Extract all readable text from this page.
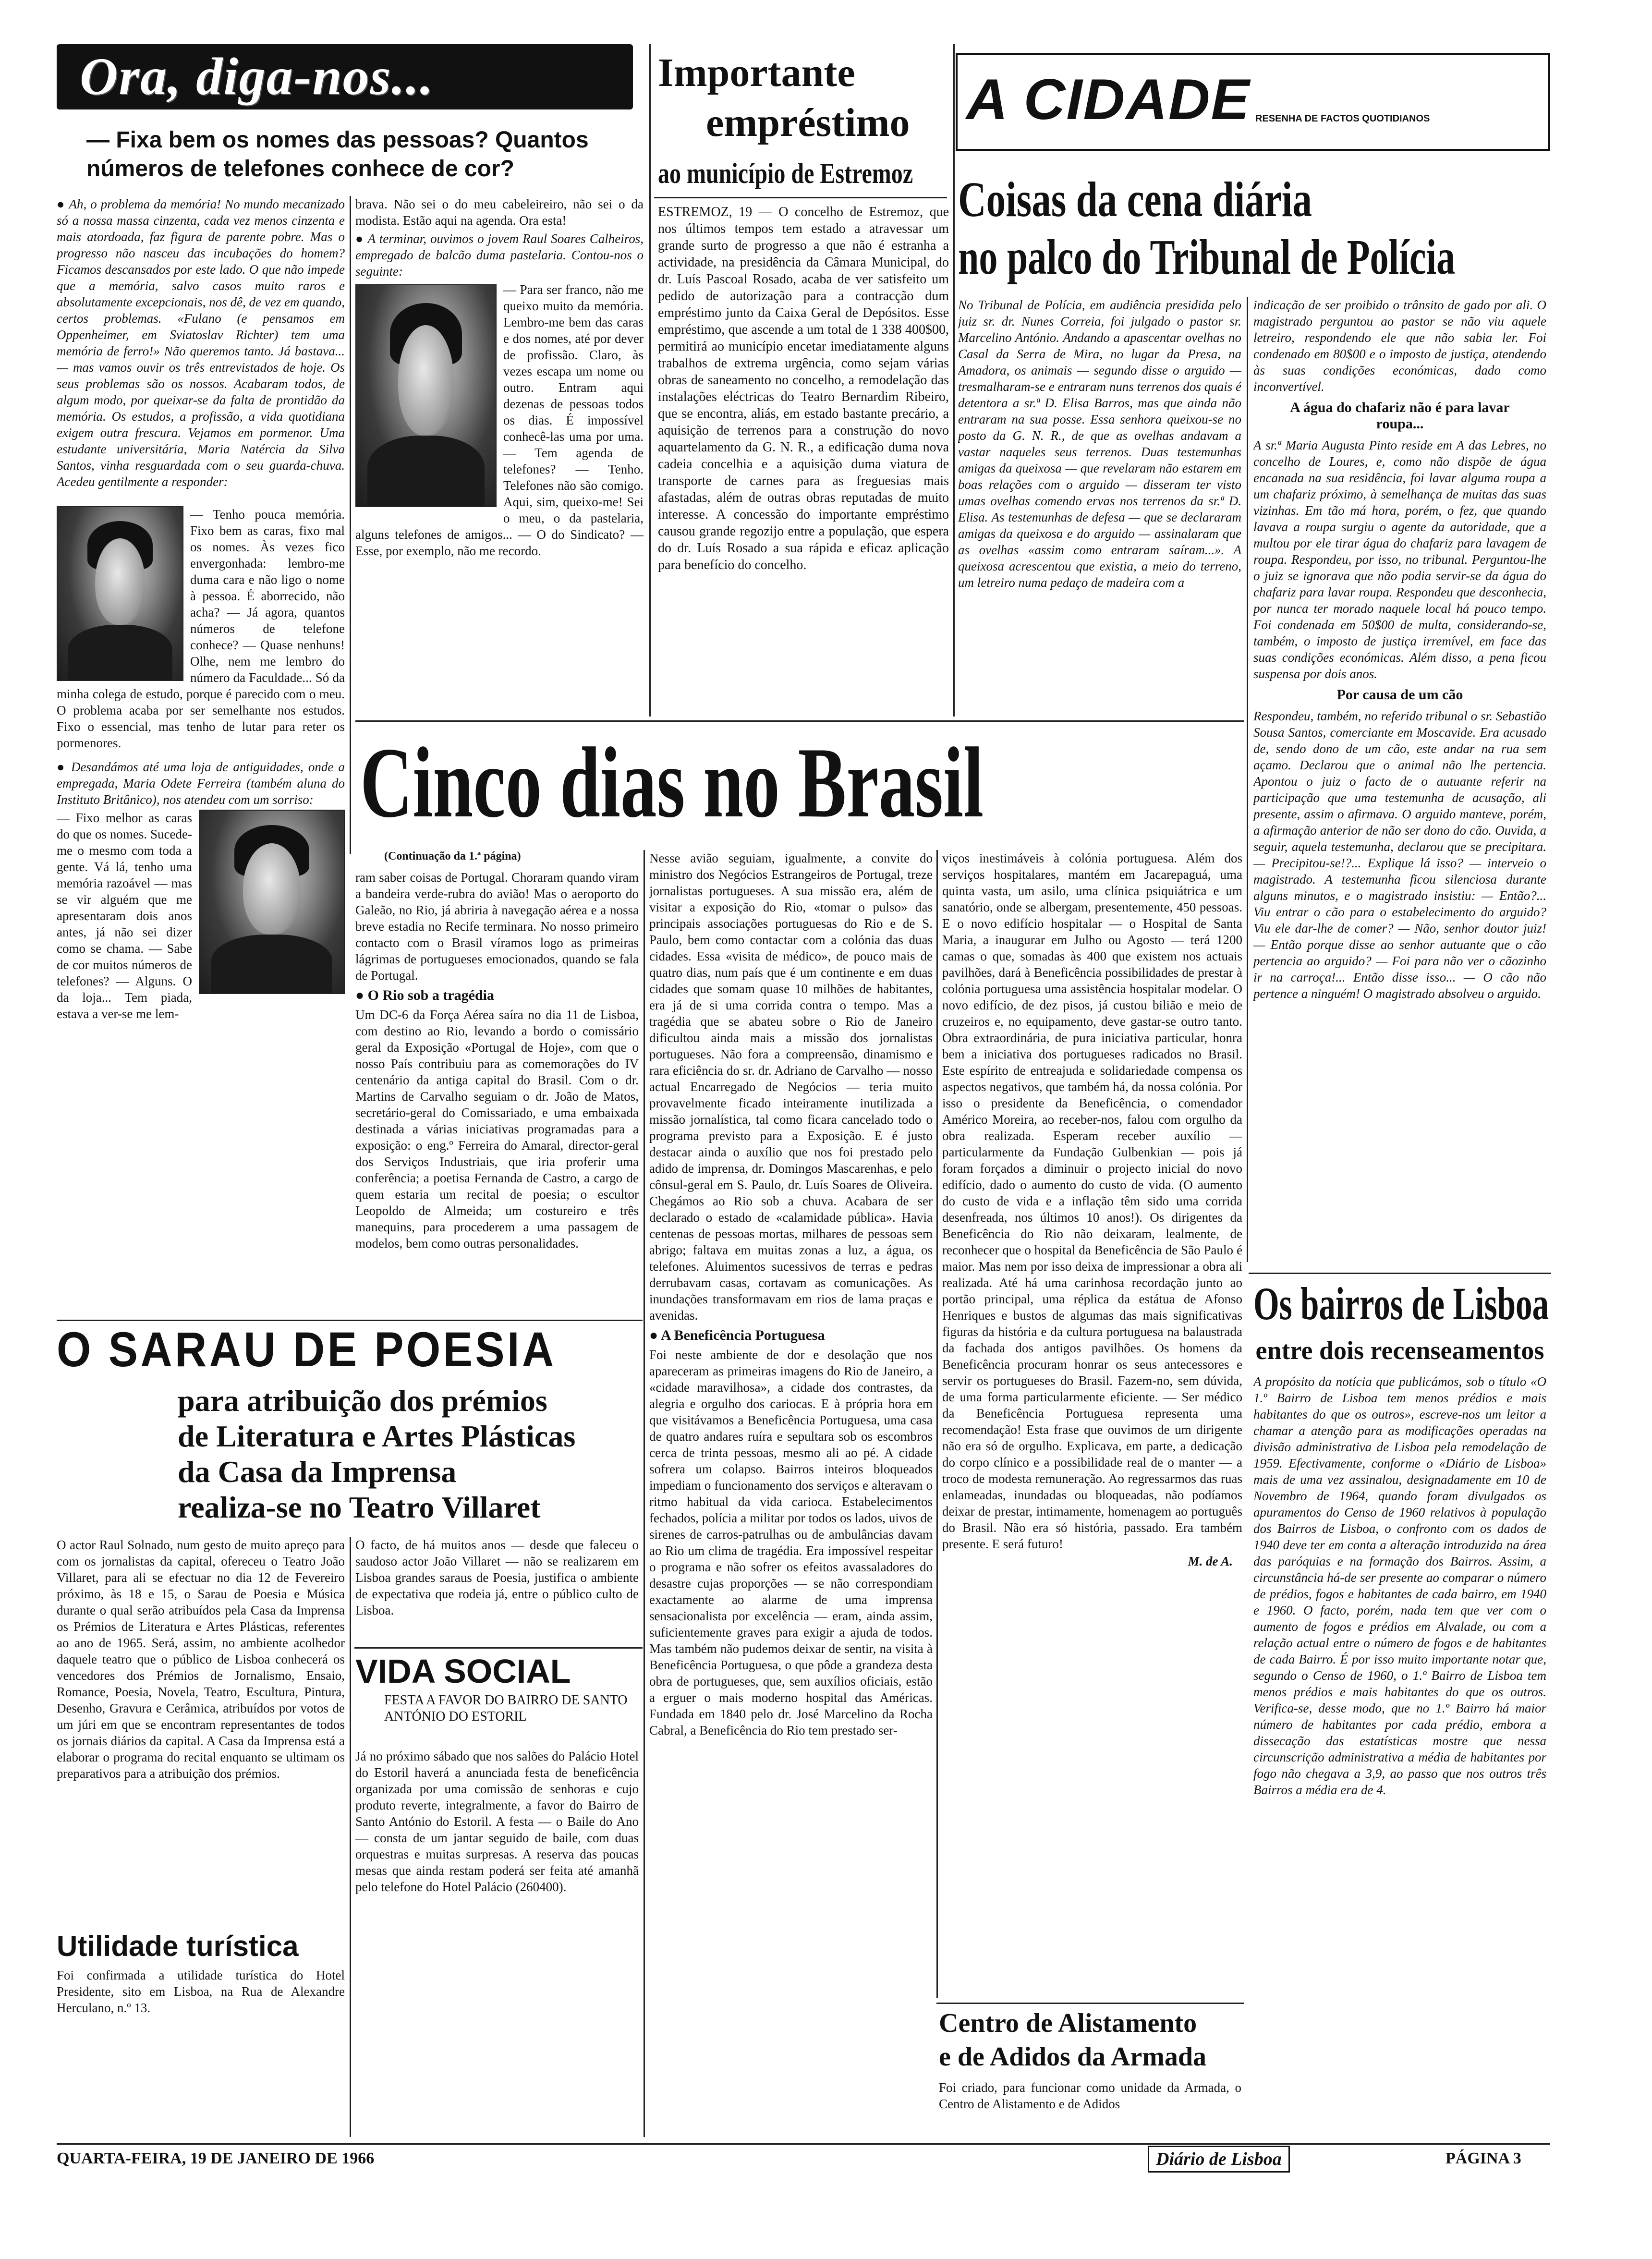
Ora, diga-nos...
— Fixa bem os nomes das pessoas? Quantos números de telefones conhece de cor?

● Ah, o problema da memória! No mundo mecanizado só a nossa massa cinzenta, cada vez menos cinzenta e mais atordoada, faz figura de parente pobre. Mas o progresso não nasceu das incubações do homem? Ficamos descansados por este lado. O que não impede que a memória, salvo casos muito raros e absolutamente excepcionais, nos dê, de vez em quando, certos problemas. «Fulano (e pensamos em Oppenheimer, em Sviatoslav Richter) tem uma memória de ferro!» Não queremos tanto. Já bastava... — mas vamos ouvir os três entrevistados de hoje. Os seus problemas são os nossos. Acabaram todos, de algum modo, por queixar-se da falta de prontidão da memória. Os estudos, a profissão, a vida quotidiana exigem outra frescura. Vejamos em pormenor. Uma estudante universitária, Maria Natércia da Silva Santos, vinha resguardada com o seu guarda-chuva. Acedeu gentilmente a responder:

— Tenho pouca memória. Fixo bem as caras, fixo mal os nomes. Às vezes fico envergonhada: lembro-me duma cara e não ligo o nome à pessoa. É aborrecido, não acha? — Já agora, quantos números de telefone conhece? — Quase nenhuns! Olhe, nem me lembro do número da Faculdade... Só da minha colega de estudo, porque é parecido com o meu. O problema acaba por ser semelhante nos estudos. Fixo o essencial, mas tenho de lutar para reter os pormenores.

● Desandámos até uma loja de antiguidades, onde a empregada, Maria Odete Ferreira (também aluna do Instituto Britânico), nos atendeu com um sorriso:

— Fixo melhor as caras do que os nomes. Sucede-me o mesmo com toda a gente. Vá lá, tenho uma memória razoável — mas se vir alguém que me apresentaram dois anos antes, já não sei dizer como se chama. — Sabe de cor muitos números de telefones? — Alguns. O da loja... Tem piada, estava a ver-se me lem-

brava. Não sei o do meu cabeleireiro, não sei o da modista. Estão aqui na agenda. Ora esta!

● A terminar, ouvimos o jovem Raul Soares Calheiros, empregado de balcão duma pastelaria. Contou-nos o seguinte:

— Para ser franco, não me queixo muito da memória. Lembro-me bem das caras e dos nomes, até por dever de profissão. Claro, às vezes escapa um nome ou outro. Entram aqui dezenas de pessoas todos os dias. É impossível conhecê-las uma por uma. — Tem agenda de telefones? — Tenho. Telefones não são comigo. Aqui, sim, queixo-me! Sei o meu, o da pastelaria, alguns telefones de amigos... — O do Sindicato? — Esse, por exemplo, não me recordo.

Importante
empréstimo
ao município de Estremoz

ESTREMOZ, 19 — O concelho de Estremoz, que nos últimos tempos tem estado a atravessar um grande surto de progresso a que não é estranha a actividade, na presidência da Câmara Municipal, do dr. Luís Pascoal Rosado, acaba de ver satisfeito um pedido de autorização para a contracção dum empréstimo junto da Caixa Geral de Depósitos. Esse empréstimo, que ascende a um total de 1 338 400$00, permitirá ao município encetar imediatamente alguns trabalhos de extrema urgência, como sejam várias obras de saneamento no concelho, a remodelação das instalações eléctricas do Teatro Bernardim Ribeiro, que se encontra, aliás, em estado bastante precário, a aquisição de terrenos para a construção do novo aquartelamento da G. N. R., a edificação duma nova cadeia concelhia e a aquisição duma viatura de transporte de carnes para as freguesias mais afastadas, além de outras obras reputadas de muito interesse. A concessão do importante empréstimo causou grande regozijo entre a população, que espera do dr. Luís Rosado a sua rápida e eficaz aplicação para benefício do concelho.

A CIDADE RESENHA DE FACTOS QUOTIDIANOS
Coisas da cena diária
no palco do Tribunal de Polícia

No Tribunal de Polícia, em audiência presidida pelo juiz sr. dr. Nunes Correia, foi julgado o pastor sr. Marcelino António. Andando a apascentar ovelhas no Casal da Serra de Mira, no lugar da Presa, na Amadora, os animais — segundo disse o arguido — tresmalharam-se e entraram nuns terrenos dos quais é detentora a sr.ª D. Elisa Barros, mas que ainda não entraram na sua posse. Essa senhora queixou-se no posto da G. N. R., de que as ovelhas andavam a vastar naqueles seus terrenos. Duas testemunhas amigas da queixosa — que revelaram não estarem em boas relações com o arguido — disseram ter visto umas ovelhas comendo ervas nos terrenos da sr.ª D. Elisa. As testemunhas de defesa — que se declararam amigas da queixosa e do arguido — assinalaram que as ovelhas «assim como entraram saíram...». A queixosa acrescentou que existia, a meio do terreno, um letreiro numa pedaço de madeira com a

indicação de ser proibido o trânsito de gado por ali. O magistrado perguntou ao pastor se não viu aquele letreiro, respondendo ele que não sabia ler. Foi condenado em 80$00 e o imposto de justiça, atendendo às suas condições económicas, dado como inconvertível.

A água do chafariz não é para lavar roupa...

A sr.ª Maria Augusta Pinto reside em A das Lebres, no concelho de Loures, e, como não dispõe de água encanada na sua residência, foi lavar alguma roupa a um chafariz próximo, à semelhança de muitas das suas vizinhas. Em tão má hora, porém, o fez, que quando lavava a roupa surgiu o agente da autoridade, que a multou por ele tirar água do chafariz para lavagem de roupa. Respondeu, por isso, no tribunal. Perguntou-lhe o juiz se ignorava que não podia servir-se da água do chafariz para lavar roupa. Respondeu que desconhecia, por nunca ter morado naquele local há pouco tempo. Foi condenada em 50$00 de multa, considerando-se, também, o imposto de justiça irremível, em face das suas condições económicas. Além disso, a pena ficou suspensa por dois anos.

Por causa de um cão

Respondeu, também, no referido tribunal o sr. Sebastião Sousa Santos, comerciante em Moscavide. Era acusado de, sendo dono de um cão, este andar na rua sem açamo. Declarou que o animal não lhe pertencia. Apontou o juiz o facto de o autuante referir na participação que uma testemunha de acusação, ali presente, assim o afirmava. O arguido manteve, porém, a afirmação anterior de não ser dono do cão. Ouvida, a seguir, aquela testemunha, declarou que se precipitara. — Precipitou-se!?... Explique lá isso? — interveio o magistrado. A testemunha ficou silenciosa durante alguns minutos, e o magistrado insistiu: — Então?... Viu entrar o cão para o estabelecimento do arguido? Viu ele dar-lhe de comer? — Não, senhor doutor juiz! — Então porque disse ao senhor autuante que o cão pertencia ao arguido? — Foi para não ver o cãozinho ir na carroça!... Então disse isso... — O cão não pertence a ninguém! O magistrado absolveu o arguido.

Os bairros de Lisboa
entre dois recenseamentos

A propósito da notícia que publicámos, sob o título «O 1.º Bairro de Lisboa tem menos prédios e mais habitantes do que os outros», escreve-nos um leitor a chamar a atenção para as modificações operadas na divisão administrativa de Lisboa pela remodelação de 1959. Efectivamente, conforme o «Diário de Lisboa» mais de uma vez assinalou, designadamente em 10 de Novembro de 1964, quando foram divulgados os apuramentos do Censo de 1960 relativos à população dos Bairros de Lisboa, o confronto com os dados de 1940 deve ter em conta a alteração introduzida na área das paróquias e na formação dos Bairros. Assim, a circunstância há-de ser presente ao comparar o número de prédios, fogos e habitantes de cada bairro, em 1940 e 1960. O facto, porém, nada tem que ver com o aumento de fogos e prédios em Alvalade, ou com a relação actual entre o número de fogos e de habitantes de cada Bairro. É por isso muito importante notar que, segundo o Censo de 1960, o 1.º Bairro de Lisboa tem menos prédios e mais habitantes do que os outros. Verifica-se, desse modo, que no 1.º Bairro há maior número de habitantes por cada prédio, embora a dissecação das estatísticas mostre que nessa circunscrição administrativa a média de habitantes por fogo não chegava a 3,9, ao passo que nos outros três Bairros a média era de 4.

Centro de Alistamento
e de Adidos da Armada

Foi criado, para funcionar como unidade da Armada, o Centro de Alistamento e de Adidos

Cinco dias no Brasil
(Continuação da 1.ª página)

ram saber coisas de Portugal. Choraram quando viram a bandeira verde-rubra do avião! Mas o aeroporto do Galeão, no Rio, já abriria à navegação aérea e a nossa breve estadia no Recife terminara. No nosso primeiro contacto com o Brasil víramos logo as primeiras lágrimas de portugueses emocionados, quando se fala de Portugal.

● O Rio sob a tragédia

Um DC-6 da Força Aérea saíra no dia 11 de Lisboa, com destino ao Rio, levando a bordo o comissário geral da Exposição «Portugal de Hoje», com que o nosso País contribuiu para as comemorações do IV centenário da antiga capital do Brasil. Com o dr. Martins de Carvalho seguiam o dr. João de Matos, secretário-geral do Comissariado, e uma embaixada destinada a várias iniciativas programadas para a exposição: o eng.º Ferreira do Amaral, director-geral dos Serviços Industriais, que iria proferir uma conferência; a poetisa Fernanda de Castro, a cargo de quem estaria um recital de poesia; o escultor Leopoldo de Almeida; um costureiro e três manequins, para procederem a uma passagem de modelos, bem como outras personalidades.

Nesse avião seguiam, igualmente, a convite do ministro dos Negócios Estrangeiros de Portugal, treze jornalistas portugueses. A sua missão era, além de visitar a exposição do Rio, «tomar o pulso» das principais associações portuguesas do Rio e de S. Paulo, bem como contactar com a colónia das duas cidades. Essa «visita de médico», de pouco mais de quatro dias, num país que é um continente e em duas cidades que somam quase 10 milhões de habitantes, era já de si uma corrida contra o tempo. Mas a tragédia que se abateu sobre o Rio de Janeiro dificultou ainda mais a missão dos jornalistas portugueses. Não fora a compreensão, dinamismo e rara eficiência do sr. dr. Adriano de Carvalho — nosso actual Encarregado de Negócios — teria muito provavelmente ficado inteiramente inutilizada a missão jornalística, tal como ficara cancelado todo o programa previsto para a Exposição. E é justo destacar ainda o auxílio que nos foi prestado pelo adido de imprensa, dr. Domingos Mascarenhas, e pelo cônsul-geral em S. Paulo, dr. Luís Soares de Oliveira. Chegámos ao Rio sob a chuva. Acabara de ser declarado o estado de «calamidade pública». Havia centenas de pessoas mortas, milhares de pessoas sem abrigo; faltava em muitas zonas a luz, a água, os telefones. Aluimentos sucessivos de terras e pedras derrubavam casas, cortavam as comunicações. As inundações transformavam em rios de lama praças e avenidas.

● A Beneficência Portuguesa

Foi neste ambiente de dor e desolação que nos apareceram as primeiras imagens do Rio de Janeiro, a «cidade maravilhosa», a cidade dos contrastes, da alegria e orgulho dos cariocas. E à própria hora em que visitávamos a Beneficência Portuguesa, uma casa de quatro andares ruíra e sepultara sob os escombros cerca de trinta pessoas, mesmo ali ao pé. A cidade sofrera um colapso. Bairros inteiros bloqueados impediam o funcionamento dos serviços e alteravam o ritmo habitual da vida carioca. Estabelecimentos fechados, polícia a militar por todos os lados, uivos de sirenes de carros-patrulhas ou de ambulâncias davam ao Rio um clima de tragédia. Era impossível respeitar o programa e não sofrer os efeitos avassaladores do desastre cujas proporções — se não correspondiam exactamente ao alarme de uma imprensa sensacionalista por excelência — eram, ainda assim, suficientemente graves para exigir a ajuda de todos. Mas também não pudemos deixar de sentir, na visita à Beneficência Portuguesa, o que pôde a grandeza desta obra de portugueses, que, sem auxílios oficiais, estão a erguer o mais moderno hospital das Américas. Fundada em 1840 pelo dr. José Marcelino da Rocha Cabral, a Beneficência do Rio tem prestado ser-

viços inestimáveis à colónia portuguesa. Além dos serviços hospitalares, mantém em Jacarepaguá, uma quinta vasta, um asilo, uma clínica psiquiátrica e um sanatório, onde se albergam, presentemente, 450 pessoas. E o novo edifício hospitalar — o Hospital de Santa Maria, a inaugurar em Julho ou Agosto — terá 1200 camas o que, somadas às 400 que existem nos actuais pavilhões, dará à Beneficência possibilidades de prestar à colónia portuguesa uma assistência hospitalar modelar. O novo edifício, de dez pisos, já custou bilião e meio de cruzeiros e, no equipamento, deve gastar-se outro tanto. Obra extraordinária, de pura iniciativa particular, honra bem a iniciativa dos portugueses radicados no Brasil. Este espírito de entreajuda e solidariedade compensa os aspectos negativos, que também há, da nossa colónia. Por isso o presidente da Beneficência, o comendador Américo Moreira, ao receber-nos, falou com orgulho da obra realizada. Esperam receber auxílio — particularmente da Fundação Gulbenkian — pois já foram forçados a diminuir o projecto inicial do novo edifício, dado o aumento do custo de vida. (O aumento do custo de vida e a inflação têm sido uma corrida desenfreada, nos últimos 10 anos!). Os dirigentes da Beneficência do Rio não deixaram, lealmente, de reconhecer que o hospital da Beneficência de São Paulo é maior. Mas nem por isso deixa de impressionar a obra ali realizada. Até há uma carinhosa recordação junto ao portão principal, uma réplica da estátua de Afonso Henriques e bustos de algumas das mais significativas figuras da história e da cultura portuguesa na balaustrada da fachada dos antigos pavilhões. Os homens da Beneficência procuram honrar os seus antecessores e servir os portugueses do Brasil. Fazem-no, sem dúvida, de uma forma particularmente eficiente. — Ser médico da Beneficência Portuguesa representa uma recomendação! Esta frase que ouvimos de um dirigente não era só de orgulho. Explicava, em parte, a dedicação do corpo clínico e a possibilidade real de o manter — a troco de modesta remuneração. Ao regressarmos das ruas enlameadas, inundadas ou bloqueadas, não podíamos deixar de prestar, intimamente, homenagem ao português do Brasil. Não era só história, passado. Era também presente. E será futuro!

M. de A.
O SARAU DE POESIA
para atribuição dos prémios
de Literatura e Artes Plásticas
da Casa da Imprensa
realiza-se no Teatro Villaret

O actor Raul Solnado, num gesto de muito apreço para com os jornalistas da capital, ofereceu o Teatro João Villaret, para ali se efectuar no dia 12 de Fevereiro próximo, às 18 e 15, o Sarau de Poesia e Música durante o qual serão atribuídos pela Casa da Imprensa os Prémios de Literatura e Artes Plásticas, referentes ao ano de 1965. Será, assim, no ambiente acolhedor daquele teatro que o público de Lisboa conhecerá os vencedores dos Prémios de Jornalismo, Ensaio, Romance, Poesia, Novela, Teatro, Escultura, Pintura, Desenho, Gravura e Cerâmica, atribuídos por votos de um júri em que se encontram representantes de todos os jornais diários da capital. A Casa da Imprensa está a elaborar o programa do recital enquanto se ultimam os preparativos para a atribuição dos prémios.

O facto, de há muitos anos — desde que faleceu o saudoso actor João Villaret — não se realizarem em Lisboa grandes saraus de Poesia, justifica o ambiente de expectativa que rodeia já, entre o público culto de Lisboa.

Utilidade turística

Foi confirmada a utilidade turística do Hotel Presidente, sito em Lisboa, na Rua de Alexandre Herculano, n.º 13.

VIDA SOCIAL
FESTA A FAVOR DO BAIRRO DE SANTO ANTÓNIO DO ESTORIL

Já no próximo sábado que nos salões do Palácio Hotel do Estoril haverá a anunciada festa de beneficência organizada por uma comissão de senhoras e cujo produto reverte, integralmente, a favor do Bairro de Santo António do Estoril. A festa — o Baile do Ano — consta de um jantar seguido de baile, com duas orquestras e muitas surpresas. A reserva das poucas mesas que ainda restam poderá ser feita até amanhã pelo telefone do Hotel Palácio (260400).

QUARTA-FEIRA, 19 DE JANEIRO DE 1966	Diário de Lisboa	PÁGINA 3
